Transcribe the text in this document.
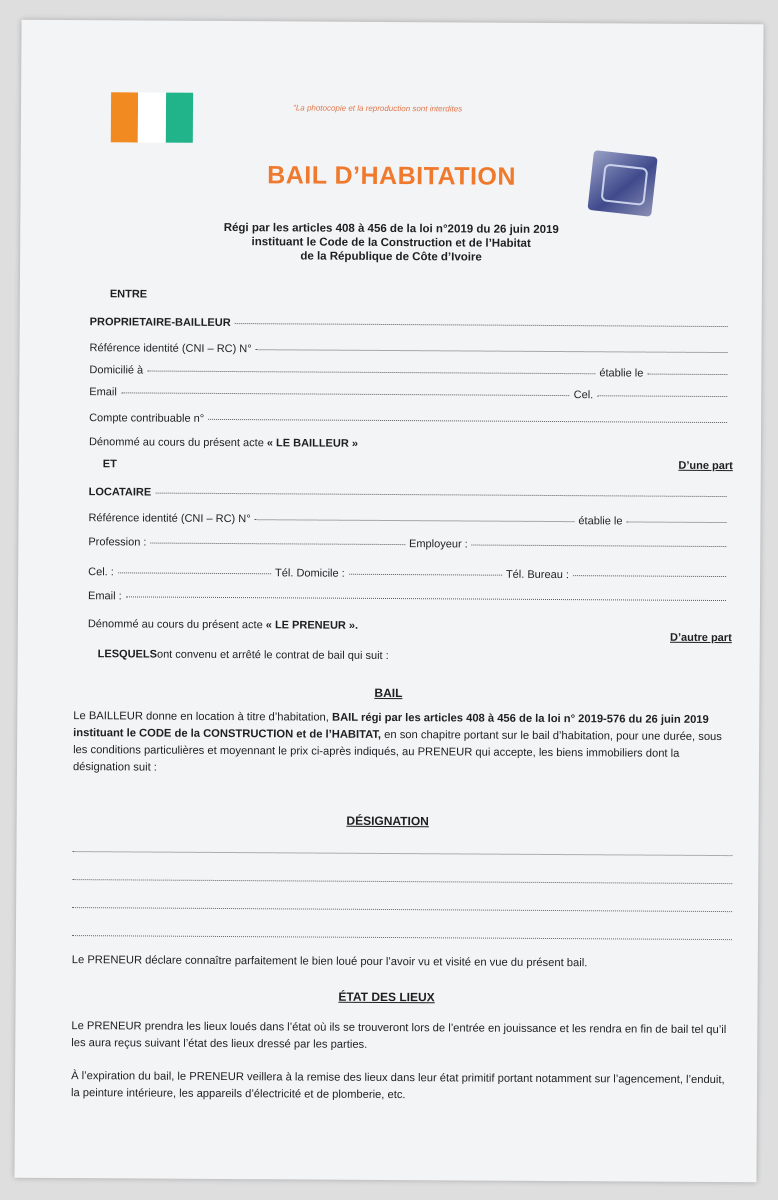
"La photocopie et la reproduction sont interdites
BAIL D’HABITATION
Régi par les articles 408 à 456 de la loi n°2019 du 26 juin 2019
instituant le Code de la Construction et de l’Habitat
de la République de Côte d’Ivoire
ENTRE
PROPRIETAIRE-BAILLEUR
Référence identité (CNI – RC) N°
Domicilié à	établie le
Email	Cel.
Compte contribuable n°
Dénommé au cours du présent acte
« LE BAILLEUR »
D’une part
ET
LOCATAIRE
Référence identité (CNI – RC) N°	établie le
Profession :	Employeur :
Cel. :	Tél. Domicile :	Tél. Bureau :
Email :
Dénommé au cours du présent acte
« LE PRENEUR ».
D’autre part
LESQUELS ont convenu et arrêté le contrat de bail qui suit :
BAIL
Le BAILLEUR donne en location à titre d’habitation, BAIL régi par les articles 408 à 456 de la loi n° 2019-576 du 26 juin 2019 instituant le CODE de la CONSTRUCTION et de l’HABITAT, en son chapitre portant sur le bail d’habitation, pour une durée, sous les conditions particulières et moyennant le prix ci-après indiqués, au PRENEUR qui accepte, les biens immobiliers dont la désignation suit :
DÉSIGNATION
Le PRENEUR déclare connaître parfaitement le bien loué pour l’avoir vu et visité en vue du présent bail.
ÉTAT DES LIEUX
Le PRENEUR prendra les lieux loués dans l’état où ils se trouveront lors de l’entrée en jouissance et les rendra en fin de bail tel qu’il les aura reçus suivant l’état des lieux dressé par les parties.
À l’expiration du bail, le PRENEUR veillera à la remise des lieux dans leur état primitif portant notamment sur l’agencement, l’enduit, la peinture intérieure, les appareils d’électricité et de plomberie, etc.
